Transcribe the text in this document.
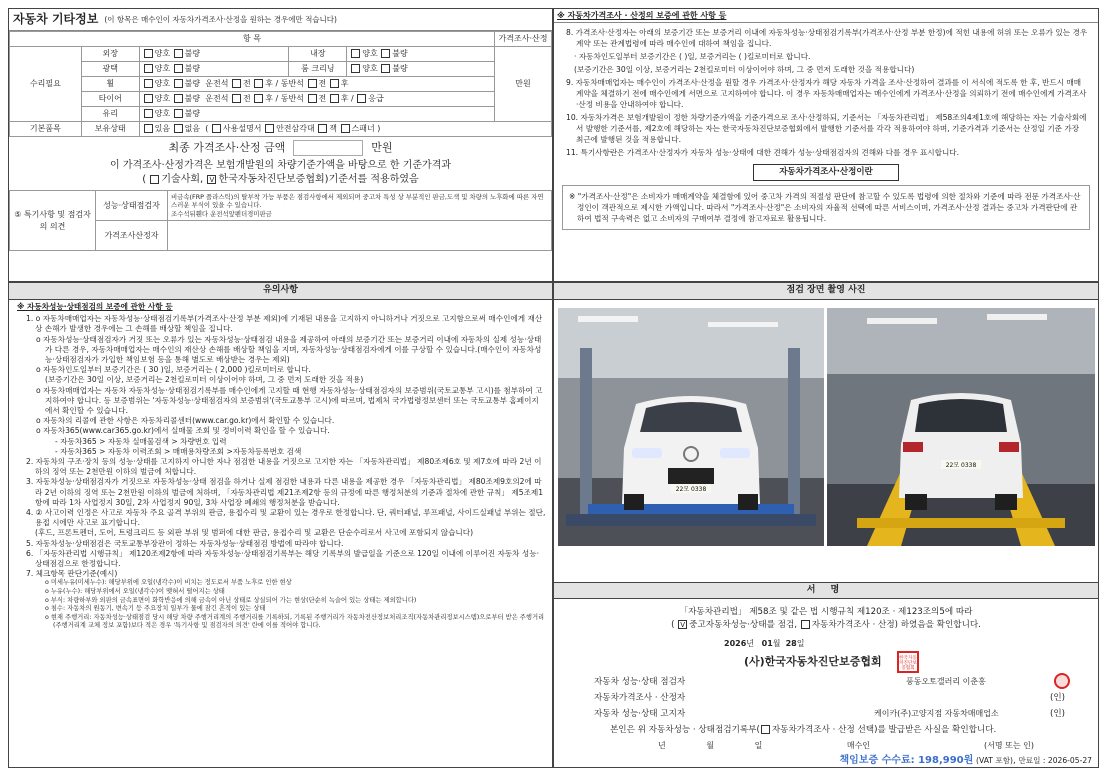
자동차 기타정보 (이 항목은 매수인이 자동차가격조사·산정을 원하는 경우에만 적습니다)
항 목					가격조사·산정
수리필요	외장	양호 불량	내장	양호 불량	만원
	광택	양호 불량	룸 크리닝	양호 불량	
	휠	양호 불량 운전석 전 후 / 동반석 전 후			
	타이어	양호 불량 운전석 전 후 / 동반석 전 후 / 응급			
	유리	양호 불량			
기본품목	보유상태	있음 없음  ( 사용설명서 안전삼각대 잭 스패너 )			
최종 가격조사·산정 금액	만원
이 가격조사·산정가격은 보험개발원의 차량기준가액을 바탕으로 한 기준가격과
( 기술사회, V 한국자동차진단보증협회)기준서를 적용하였음
⑤ 특기사항 및 점검자의 의견	성능·상태점검자	비금속(FRP 플라스틱)의 탈부착 가능 부품은 점검사항에서 제외되며 중고차 특성 상 부분적인 판금,도색 및 차량의 노후화에 따른 자연스러운 부식이 있을 수 있습니다.
조수석뒤휀다 운전석앞펜더경미판금

	가격조사산정자	
※ 자동차가격조사 · 산정의 보증에 관한 사항 등

8. 가격조사·산정자는 아래의 보증기간 또는 보증거리 이내에 자동차성능·상태점검기록부(가격조사·산정 부분 한정)에 적힌 내용에 허위 또는 오류가 있는 경우 계약 또는 관계법령에 따라 매수인에 대하여 책임을 집니다.

· 자동차인도일부터 보증기간은 ( )일, 보증거리는 ( )킬로미터로 합니다.

(보증기간은 30일 이상, 보증거리는 2천킬로미터 이상이어야 하며, 그 중 먼저 도래한 것을 적용합니다)

9. 자동차매매업자는 매수인이 가격조사·산정을 원할 경우 가격조사·산정자가 해당 자동차 가격을 조사·산정하여 결과를 이 서식에 적도록 한 후, 반드시 매매계약을 체결하기 전에 매수인에게 서면으로 고지하여야 합니다. 이 경우 자동차매매업자는 매수인에게 가격조사·산정을 의뢰하기 전에 매수인에게 가격조사·산정 비용을 안내하여야 합니다.

10. 자동차가격은 보험개발원이 정한 차량기준가액을 기준가격으로 조사·산정하되, 기준서는 「자동차관리법」 제58조의4제1호에 해당하는 자는 기술사회에서 발행한 기준서를, 제2호에 해당하는 자는 한국자동차진단보증협회에서 발행한 기준서를 각각 적용하여야 하며, 기준가격과 기준서는 산정일 기준 가장 최근에 발행된 것을 적용합니다.

11. 특기사항란은 가격조사·산정자가 자동차 성능·상태에 대한 견해가 성능·상태점검자의 견해와 다를 경우 표시합니다.

자동차가격조사·산정이란
※ "가격조사·산정"은 소비자가 매매계약을 체결함에 있어 중고차 가격의 적절성 판단에 참고할 수 있도록 법령에 의한 절차와 기준에 따라 전문 가격조사·산정인이 객관적으로 제시한 가액입니다. 따라서 "가격조사·산정"은 소비자의 자율적 선택에 따른 서비스이며, 가격조사·산정 결과는 중고차 가격판단에 관하여 법적 구속력은 없고 소비자의 구매여부 결정에 참고자료로 활용됩니다.
유의사항
※ 자동차성능·상태점검의 보증에 관한 사항 등

1. o 자동차매매업자는 자동차성능·상태점검기록부(가격조사·산정 부분 제외)에 기재된 내용을 고지하지 아니하거나 거짓으로 고지함으로써 매수인에게 재산상 손해가 발생한 경우에는 그 손해를 배상할 책임을 집니다.

o 자동차성능·상태점검자가 거짓 또는 오류가 있는 자동차성능·상태점검 내용을 제공하여 아래의 보증기간 또는 보증거리 이내에 자동차의 실제 성능·상태가 다른 경우, 자동차매매업자는 매수인의 재산상 손해를 배상할 책임을 지며, 자동차성능·상태점검자에게 이를 구상할 수 있습니다.(매수인이 자동차성능·상태점검자가 가입한 책임보험 등을 통해 별도로 배상받는 경우는 제외)

o 자동차인도일부터 보증기간은 ( 30 )일, 보증거리는 ( 2,000 )킬로미터로 합니다.

(보증기간은 30일 이상, 보증거리는 2천킬로미터 이상이어야 하며, 그 중 먼저 도래한 것을 적용)

o 자동차매매업자는 자동차 자동차성능·상태점검기록부를 매수인에게 고지할 때 현행 자동차성능·상태점검자의 보증범위(국토교통부 고시)를 첨부하여 고지하여야 합니다. 등 보증범위는 '자동차성능·상태점검자의 보증범위'(국토교통부 고시)에 따르며, 법제처 국가법령정보센터 또는 국토교통부 홈페이지에서 확인할 수 있습니다.

o 자동차의 리콜에 관한 사항은 자동차리콜센터(www.car.go.kr)에서 확인할 수 있습니다.

o 자동차365(www.car365.go.kr)에서 실매물 조회 및 정비이력 확인을 할 수 있습니다.

- 자동차365 > 자동차 실매물검색 > 차량번호 입력

- 자동차365 > 자동차 이력조회 > 매매용차량조회 >자동차등록번호 검색

2. 자동차의 구조·장치 등의 성능·상태를 고지하지 아니한 자나 점검한 내용을 거짓으로 고지한 자는 「자동차관리법」 제80조제6호 및 제7호에 따라 2년 이하의 징역 또는 2천만원 이하의 벌금에 처합니다.

3. 자동차성능·상태점검자가 거짓으로 자동차성능·상태 점검을 하거나 실제 점검한 내용과 다른 내용을 제공한 경우 「자동차관리법」 제80조제9호의2에 따라 2년 이하의 징역 또는 2천만원 이하의 벌금에 처하며, 「자동차관리법 제21조제2항 등의 규정에 따른 행정처분의 기준과 절차에 관한 규칙」 제5조제1항에 따라 1차 사업정지 30일, 2차 사업정지 90일, 3차 사업장 폐쇄의 행정처분을 받습니다.

4. ② 사고이력 인정은 사고로 자동차 주요 골격 부위의 판금, 용접수리 및 교환이 있는 경우로 한정합니다. 단, 쿼터패널, 루프패널, 사이드실패널 부위는 절단, 용접 시에만 사고로 표기합니다.

(후드, 프론트펜더, 도어, 트렁크리드 등 외판 부위 및 범퍼에 대한 판금, 용접수리 및 교환은 단순수리로서 사고에 포함되지 않습니다)

5. 자동차성능·상태점검은 국토교통부장관이 정하는 자동차성능·상태점검 방법에 따라야 합니다.

6. 「자동차관리법 시행규칙」 제120조제2항에 따라 자동차성능·상태점검기록부는 해당 기록부의 발급일을 기준으로 120일 이내에 이루어진 자동차 성능·상태점검으로 한정합니다.

7. 체크항목 판단기준(예시)

o 미세누유(미세누수): 해당부위에 오일(냉각수)이 비치는 정도로서 부품 노후로 인한 현상

o 누유(누수): 해당부위에서 오일(냉각수)이 맺혀서 떨어지는 상태

o 부식: 차량하부와 외판의 금속표면이 화학반응에 의해 금속이 아닌 상태로 상실되어 가는 현상(단순히 녹슬어 있는 상태는 제외합니다)

o 침수: 자동차의 원동기, 변속기 등 주요장치 일부가 물에 잠긴 흔적이 있는 상태

o 현재 주행거리: 자동차성능·상태점검 당시 해당 차량 주행거리계의 주행거리를 기록하되, 기록된 주행거리가 자동차전산정보처리조직(자동차관리정보시스템)으로부터 받은 주행거리(주행거리계 교체 정보 포함)보다 적은 경우 '특기사항 및 점검자의 의견' 란에 이를 적어야 합니다.

점검 장면 촬영 사진
22모 0338
22모 0338
서 명
「자동차관리법」 제58조 및 같은 법 시행규칙 제120조 · 제123조의5에 따라
( V 중고자동차성능·상태를 점검, 자동차가격조사 · 산정) 하였음을 확인합니다.
2026년 01월 28일
(사)한국자동차진단보증협회	한국자동차진단보증협회
자동차 성능·상태 점검자	풍동오토갤러리 이춘홍
자동차가격조사 · 산정자	(인)
자동차 성능·상태 고지자	케이카(주)고양지점 자동차매매업소	(인)
본인은 위 자동차성능 · 상태점검기록부( 자동차가격조사 · 산정 선택)를 발급받은 사실을 확인합니다.
년	월	일	매수인	(서명 또는 인)
책임보증 수수료: 198,990원 (VAT 포함), 만료일 : 2026-05-27
